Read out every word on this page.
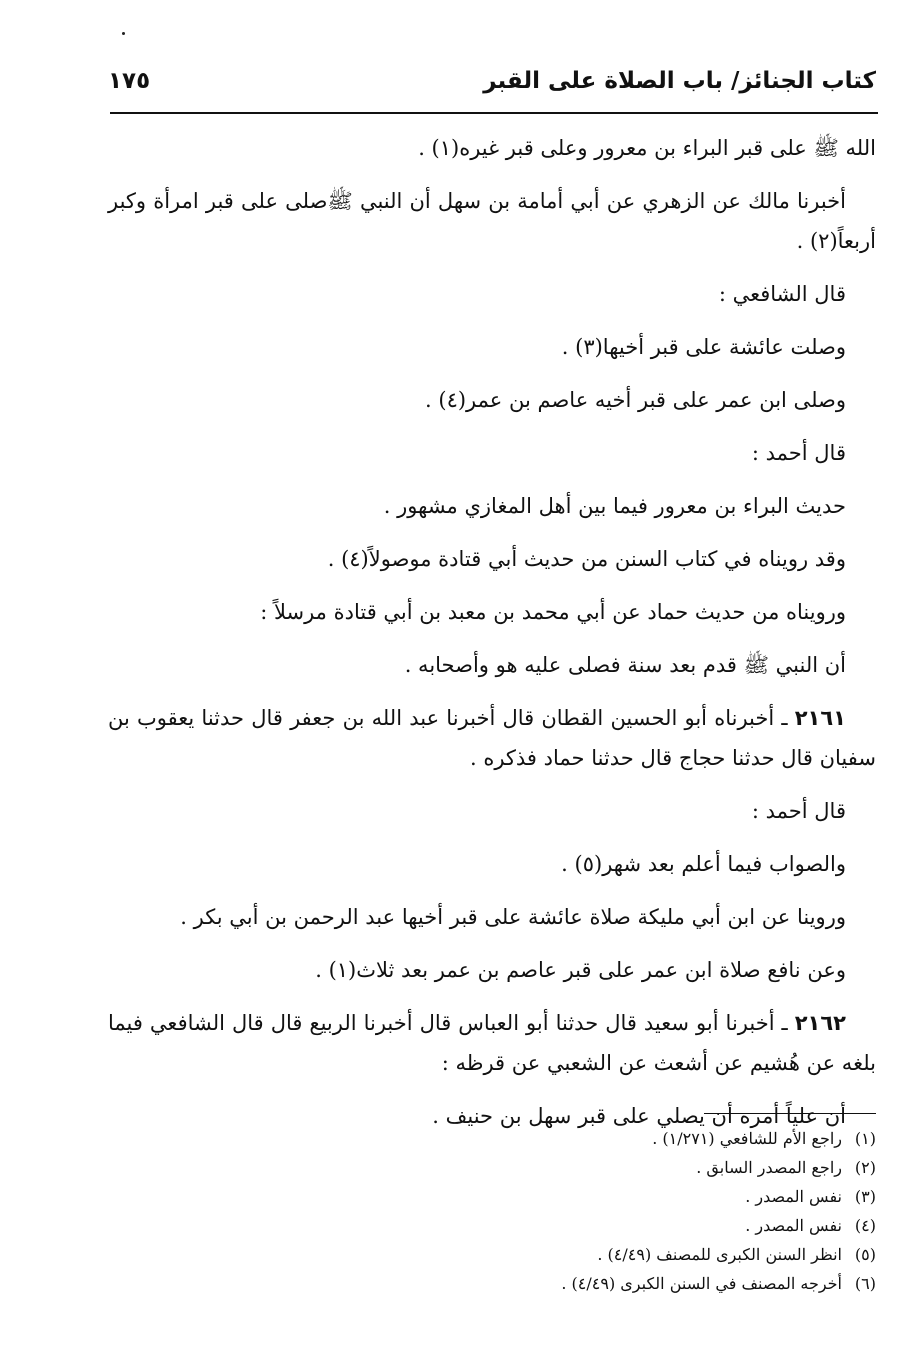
كتاب الجنائز/ باب الصلاة على القبر
١٧٥

الله ﷺ على قبر البراء بن معرور وعلى قبر غيره(١) .

أخبرنا مالك عن الزهري عن أبي أمامة بن سهل أن النبي ﷺصلى على قبر امرأة وكبر أربعاً(٢) .

قال الشافعي :

وصلت عائشة على قبر أخيها(٣) .

وصلى ابن عمر على قبر أخيه عاصم بن عمر(٤) .

قال أحمد :

حديث البراء بن معرور فيما بين أهل المغازي مشهور .

وقد رويناه في كتاب السنن من حديث أبي قتادة موصولاً(٤) .

ورويناه من حديث حماد عن أبي محمد بن معبد بن أبي قتادة مرسلاً :

أن النبي ﷺ قدم بعد سنة فصلى عليه هو وأصحابه .

٢١٦١ ـ أخبرناه أبو الحسين القطان قال أخبرنا عبد الله بن جعفر قال حدثنا يعقوب بن سفيان قال حدثنا حجاج قال حدثنا حماد فذكره .

قال أحمد :

والصواب فيما أعلم بعد شهر(٥) .

وروينا عن ابن أبي مليكة صلاة عائشة على قبر أخيها عبد الرحمن بن أبي بكر .

وعن نافع صلاة ابن عمر على قبر عاصم بن عمر بعد ثلاث(١) .

٢١٦٢ ـ أخبرنا أبو سعيد قال حدثنا أبو العباس قال أخبرنا الربيع قال قال الشافعي فيما بلغه عن هُشيم عن أشعث عن الشعبي عن قرظه :

أن علياً أمره أن يصلي على قبر سهل بن حنيف .

(١)
راجع الأم للشافعي (١/٢٧١) .
(٢)
راجع المصدر السابق .
(٣)
نفس المصدر .
(٤)
نفس المصدر .
(٥)
انظر السنن الكبرى للمصنف (٤/٤٩) .
(٦)
أخرجه المصنف في السنن الكبرى (٤/٤٩) .
